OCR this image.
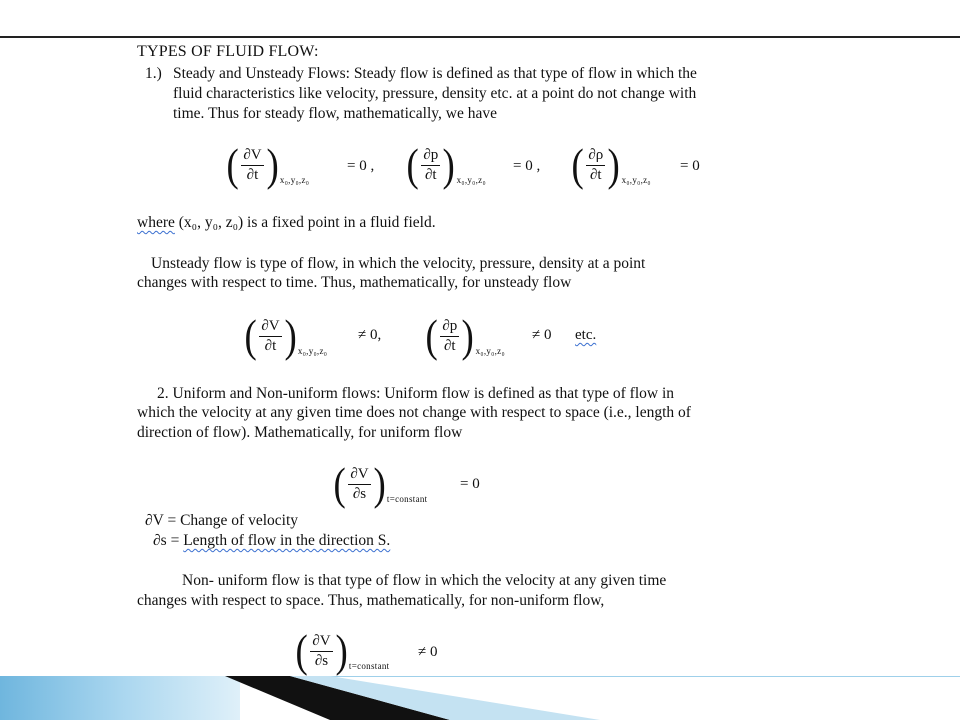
TYPES OF FLUID FLOW:
1.) Steady and Unsteady Flows: Steady flow is defined as that type of flow in which the
fluid characteristics like velocity, pressure, density etc. at a point do not change with
time. Thus for steady flow, mathematically, we have
( $\frac{\partial V}{\partial t}$ ) x₀,y₀,z₀
= 0 , ( $\frac{\partial p}{\partial t}$ ) x₀,y₀,z₀
= 0 , ( $\frac{\partial\rho}{\partial t}$ ) x₀,y₀,z₀
= 0
where (x₀, y₀, z₀) is a fixed point in a fluid field.
Unsteady flow is type of flow, in which the velocity, pressure, density at a point
changes with respect to time. Thus, mathematically, for unsteady flow
( $\frac{\partial V}{\partial t}$ ) x₀,y₀,z₀
≠ 0, ( $\frac{\partial p}{\partial t}$ ) x₀,y₀,z₀
≠ 0 etc.
2. Uniform and Non-uniform flows: Uniform flow is defined as that type of flow in
which the velocity at any given time does not change with respect to space (i.e., length of
direction of flow). Mathematically, for uniform flow
( $\frac{\partial V}{\partial s}$ ) t=constant
= 0
∂V = Change of velocity
∂s = Length of flow in the direction S.
Non- uniform flow is that type of flow in which the velocity at any given time
changes with respect to space. Thus, mathematically, for non-uniform flow,
( $\frac{\partial V}{\partial s}$ ) t=constant
≠ 0
